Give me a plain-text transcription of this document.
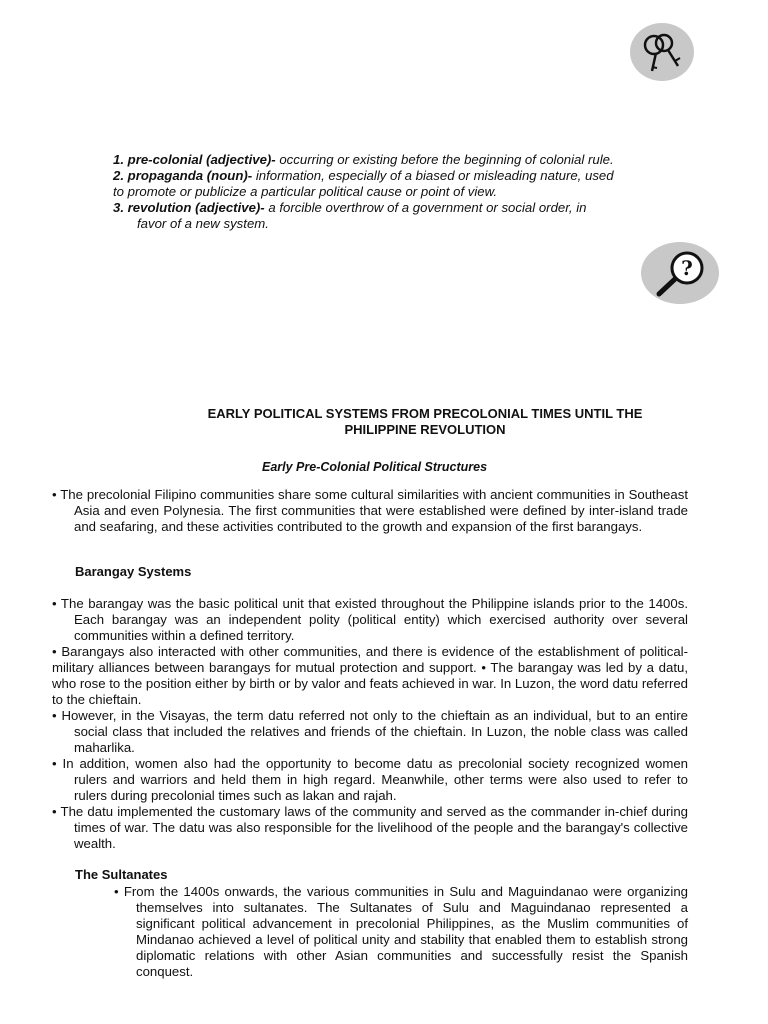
?

1. pre-colonial (adjective)- occurring or existing before the beginning of colonial rule.

2. propaganda (noun)- information, especially of a biased or misleading nature, used

to promote or publicize a particular political cause or point of view.

3. revolution (adjective)- a forcible overthrow of a government or social order, in

favor of a new system.

EARLY POLITICAL SYSTEMS FROM PRECOLONIAL TIMES UNTIL THE PHILIPPINE REVOLUTION
Early Pre-Colonial Political Structures

• The precolonial Filipino communities share some cultural similarities with ancient communities in Southeast Asia and even Polynesia. The first communities that were established were defined by inter-island trade and seafaring, and these activities contributed to the growth and expansion of the first barangays.

Barangay Systems

• The barangay was the basic political unit that existed throughout the Philippine islands prior to the 1400s. Each barangay was an independent polity (political entity) which exercised authority over several communities within a defined territory.

• Barangays also interacted with other communities, and there is evidence of the establishment of political-military alliances between barangays for mutual protection and support. • The barangay was led by a datu, who rose to the position either by birth or by valor and feats achieved in war. In Luzon, the word datu referred to the chieftain.

• However, in the Visayas, the term datu referred not only to the chieftain as an individual, but to an entire social class that included the relatives and friends of the chieftain. In Luzon, the noble class was called maharlika.

• In addition, women also had the opportunity to become datu as precolonial society recognized women rulers and warriors and held them in high regard. Meanwhile, other terms were also used to refer to rulers during precolonial times such as lakan and rajah.

• The datu implemented the customary laws of the community and served as the commander in-chief during times of war. The datu was also responsible for the livelihood of the people and the barangay's collective wealth.

The Sultanates

• From the 1400s onwards, the various communities in Sulu and Maguindanao were organizing themselves into sultanates. The Sultanates of Sulu and Maguindanao represented a significant political advancement in precolonial Philippines, as the Muslim communities of Mindanao achieved a level of political unity and stability that enabled them to establish strong diplomatic relations with other Asian communities and successfully resist the Spanish conquest.
